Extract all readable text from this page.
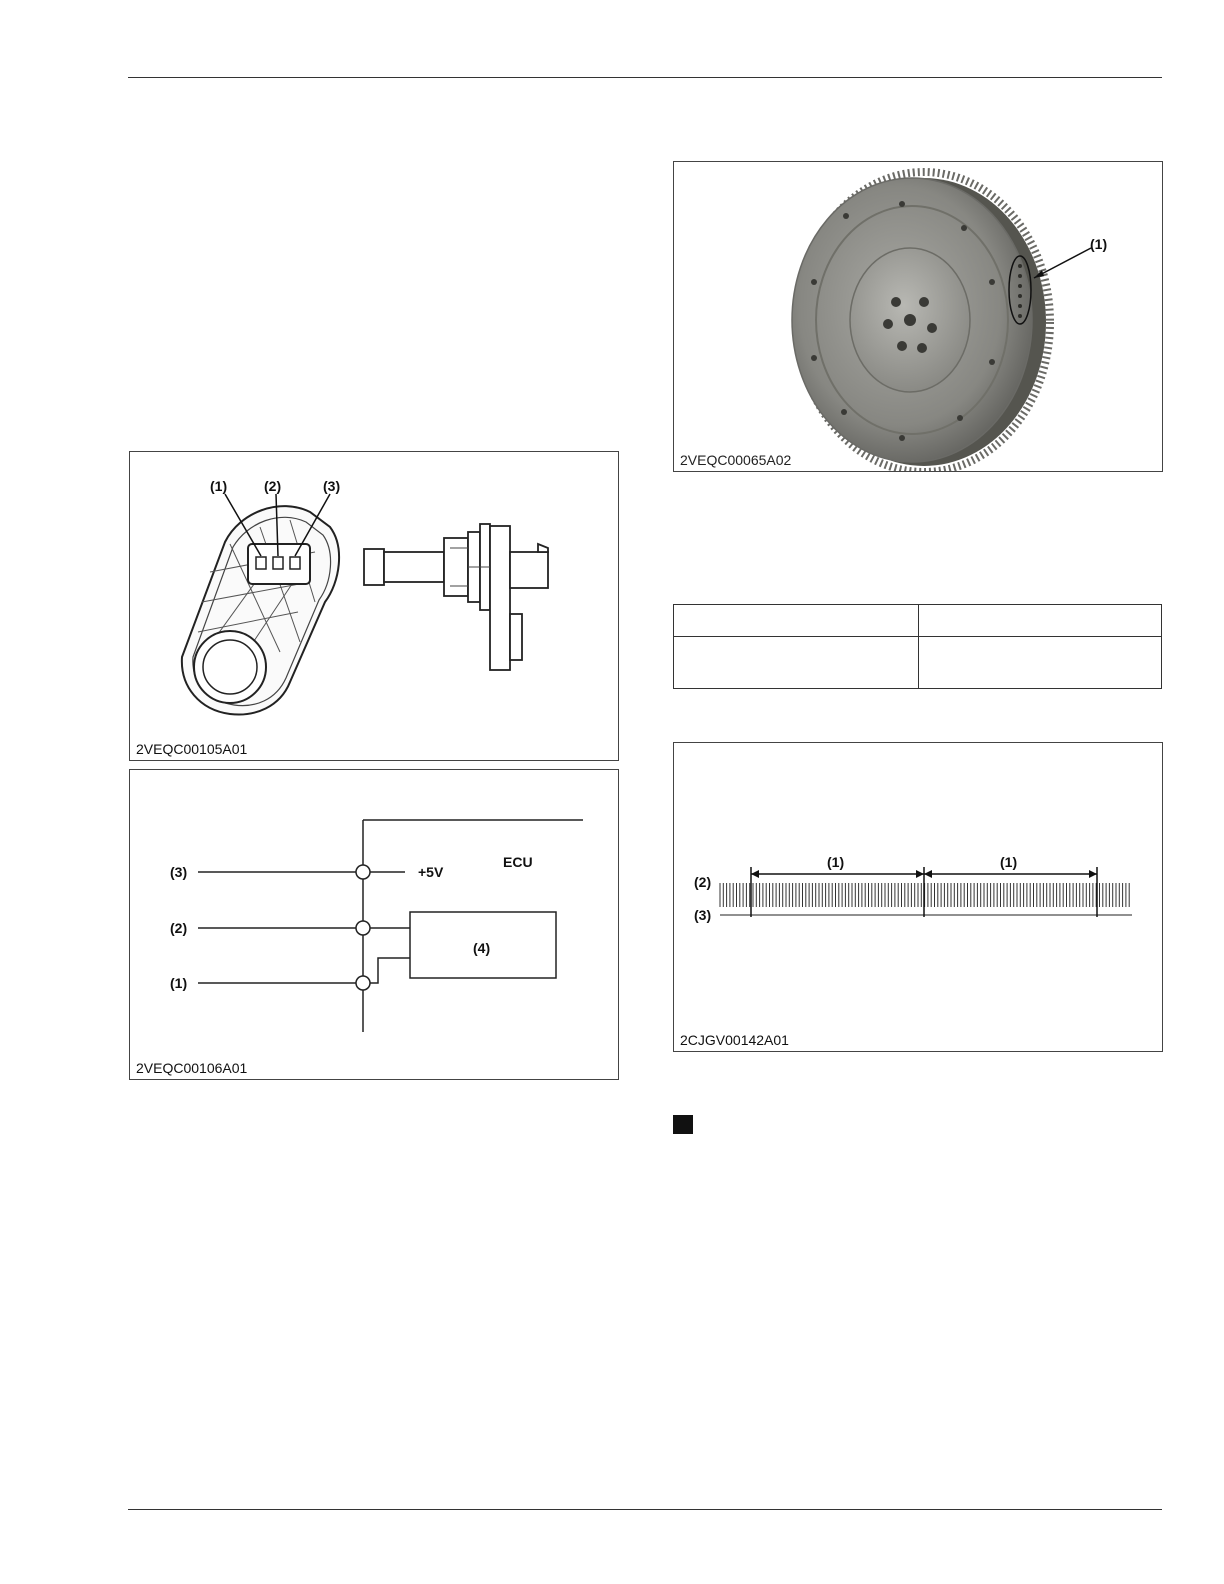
(1)	(2)	(3)
2VEQC00105A01
(3)
(2)
(1)
+5V
ECU
(4)
2VEQC00106A01
(1)
2VEQC00065A02

(1)	(1)
(2)
(3)
2CJGV00142A01
